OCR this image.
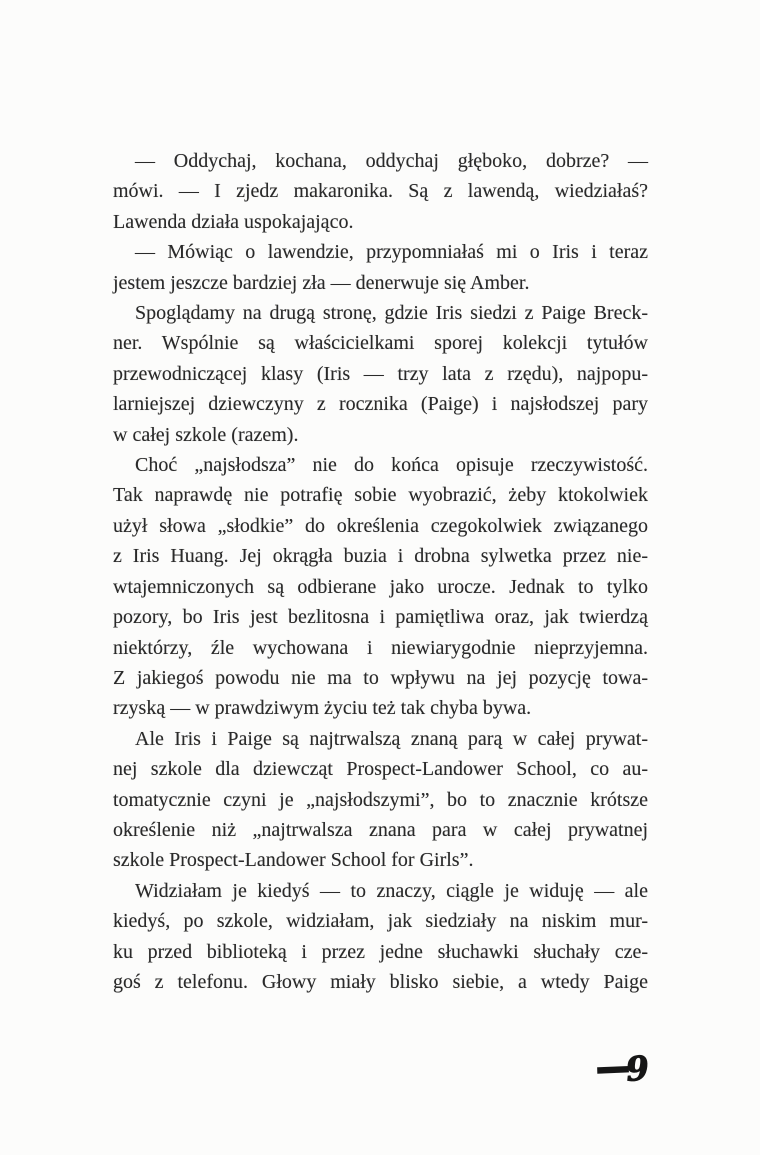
— Oddychaj, kochana, oddychaj głęboko, dobrze? —
mówi. — I zjedz makaronika. Są z lawendą, wiedziałaś?
Lawenda działa uspokajająco.
— Mówiąc o lawendzie, przypomniałaś mi o Iris i teraz
jestem jeszcze bardziej zła — denerwuje się Amber.
Spoglądamy na drugą stronę, gdzie Iris siedzi z Paige Breck-
ner. Wspólnie są właścicielkami sporej kolekcji tytułów
przewodniczącej klasy (Iris — trzy lata z rzędu), najpopu-
larniejszej dziewczyny z rocznika (Paige) i najsłodszej pary
w całej szkole (razem).
Choć „najsłodsza” nie do końca opisuje rzeczywistość.
Tak naprawdę nie potrafię sobie wyobrazić, żeby ktokolwiek
użył słowa „słodkie” do określenia czegokolwiek związanego
z Iris Huang. Jej okrągła buzia i drobna sylwetka przez nie-
wtajemniczonych są odbierane jako urocze. Jednak to tylko
pozory, bo Iris jest bezlitosna i pamiętliwa oraz, jak twierdzą
niektórzy, źle wychowana i niewiarygodnie nieprzyjemna.
Z jakiegoś powodu nie ma to wpływu na jej pozycję towa-
rzyską — w prawdziwym życiu też tak chyba bywa.
Ale Iris i Paige są najtrwalszą znaną parą w całej prywat-
nej szkole dla dziewcząt Prospect-Landower School, co au-
tomatycznie czyni je „najsłodszymi”, bo to znacznie krótsze
określenie niż „najtrwalsza znana para w całej prywatnej
szkole Prospect-Landower School for Girls”.
Widziałam je kiedyś — to znaczy, ciągle je widuję — ale
kiedyś, po szkole, widziałam, jak siedziały na niskim mur-
ku przed biblioteką i przez jedne słuchawki słuchały cze-
goś z telefonu. Głowy miały blisko siebie, a wtedy Paige
—
9
